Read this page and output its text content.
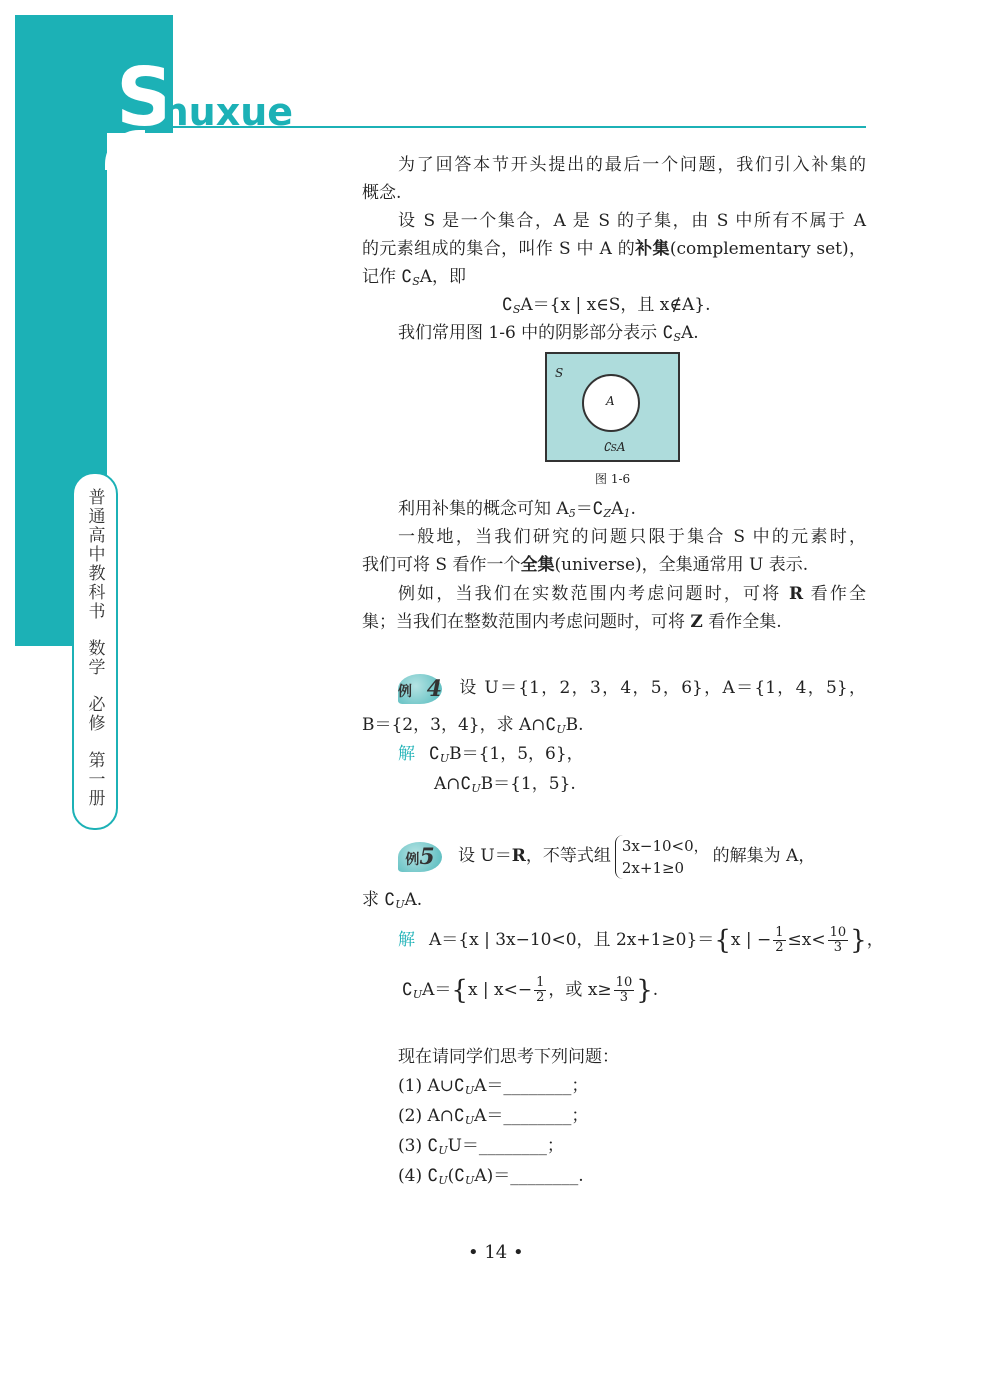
Shuxue
普通高中教科书
数学
必修
第一册
为了回答本节开头提出的最后一个问题，我们引入补集的
概念.
设 S 是一个集合，A 是 S 的子集，由 S 中所有不属于 A
的元素组成的集合，叫作 S 中 A 的补集(complementary set)，
记作 $∁_SA$，即
$∁_SA=\{x$ | x∈S，且 x∉A}.
我们常用图 1-6 中的阴影部分表示 $∁_SA$.
S
A
∁SA
图 1-6
利用补集的概念可知 $A_5=∁_ZA_1$.
一般地，当我们研究的问题只限于集合 S 中的元素时，
我们可将 S 看作一个全集(universe)，全集通常用 U 表示.
例如，当我们在实数范围内考虑问题时，可将 R 看作全
集；当我们在整数范围内考虑问题时，可将 Z 看作全集.
例4 设 U＝{1，2，3，4，5，6}，A＝{1，4，5}，
B＝{2，3，4}，求 $A\cap∁_UB$.
解 $∁_UB=\{1$，5，6}，
$A\cap∁_UB=\{1$，5}.
例5 设 U＝R，不等式组
3x−10<0，
2x+1≥0
的解集为 A，
求 $∁_UA$.
解 A＝{x | 3x−10<0，且 2x+1≥0}＝{x | − $\frac{1}{2} \le x< \frac{10}{3}$ }，
$∁_UA=\{x$ | $x<- \frac{1}{2}$ ，或 $x\ge \frac{10}{3}$ }.
现在请同学们思考下列问题：
(1) $A\cup∁_UA=\_\_\_\_\_\_\_\_$；
(2) $A\cap∁_UA=\_\_\_\_\_\_\_\_$；
(3) $∁_UU=\_\_\_\_\_\_\_\_$；
(4) $∁_U(∁_UA)=\_\_\_\_\_\_\_\_$.
• 14 •
